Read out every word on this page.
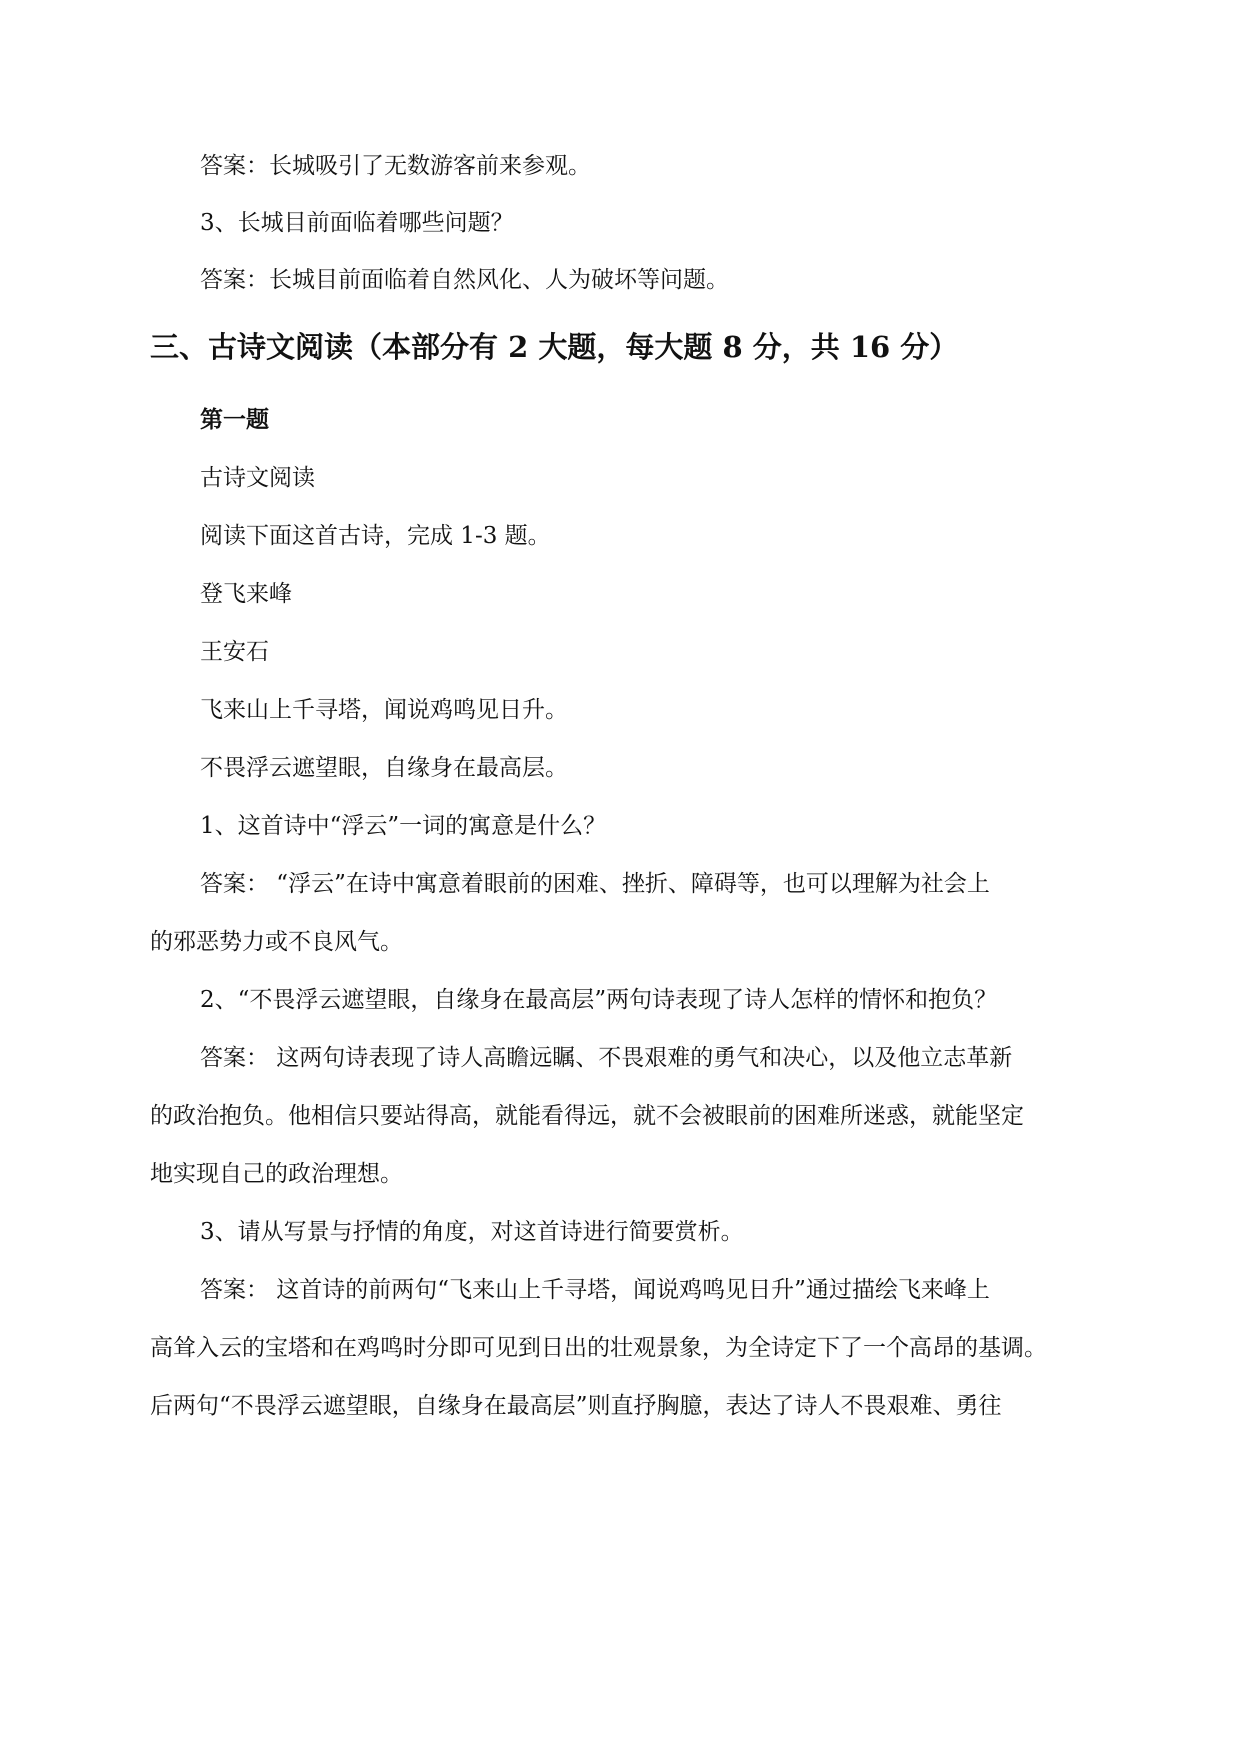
答案：长城吸引了无数游客前来参观。
3、长城目前面临着哪些问题？
答案：长城目前面临着自然风化、人为破坏等问题。
三、古诗文阅读（本部分有 2 大题，每大题 8 分，共 16 分）
第一题
古诗文阅读
阅读下面这首古诗，完成 1-3 题。
登飞来峰
王安石
飞来山上千寻塔，闻说鸡鸣见日升。
不畏浮云遮望眼，自缘身在最高层。
1、这首诗中“浮云”一词的寓意是什么？
答案： “浮云”在诗中寓意着眼前的困难、挫折、障碍等，也可以理解为社会上
的邪恶势力或不良风气。
2、“不畏浮云遮望眼，自缘身在最高层”两句诗表现了诗人怎样的情怀和抱负？
答案： 这两句诗表现了诗人高瞻远瞩、不畏艰难的勇气和决心，以及他立志革新
的政治抱负。他相信只要站得高，就能看得远，就不会被眼前的困难所迷惑，就能坚定
地实现自己的政治理想。
3、请从写景与抒情的角度，对这首诗进行简要赏析。
答案： 这首诗的前两句“飞来山上千寻塔，闻说鸡鸣见日升”通过描绘飞来峰上
高耸入云的宝塔和在鸡鸣时分即可见到日出的壮观景象，为全诗定下了一个高昂的基调。
后两句“不畏浮云遮望眼，自缘身在最高层”则直抒胸臆，表达了诗人不畏艰难、勇往
